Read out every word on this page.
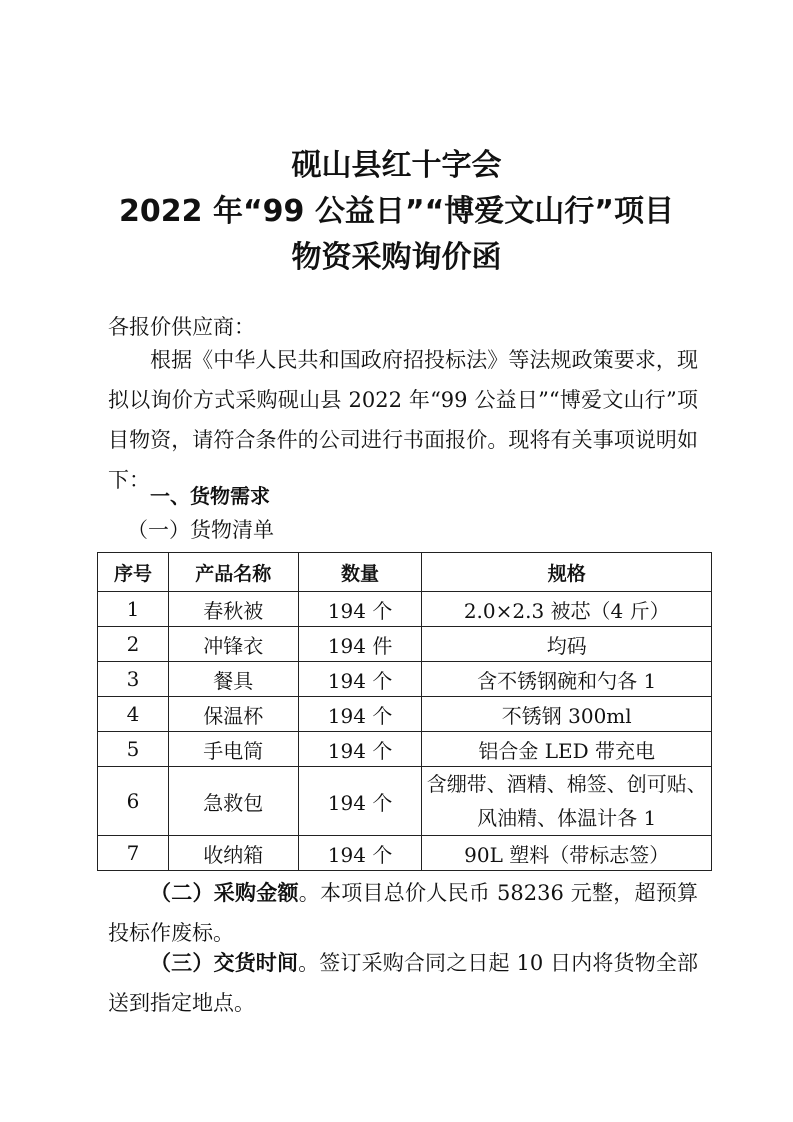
砚山县红十字会
2022 年“99 公益日”“博爱文山行”项目
物资采购询价函
各报价供应商：
根据《中华人民共和国政府招投标法》等法规政策要求，现拟以询价方式采购砚山县 2022 年“99 公益日”“博爱文山行”项目物资，请符合条件的公司进行书面报价。现将有关事项说明如下：
一、货物需求
（一）货物清单
序号	产品名称	数量	规格
1	春秋被	194 个	2.0×2.3 被芯（4 斤）
2	冲锋衣	194 件	均码
3	餐具	194 个	含不锈钢碗和勺各 1
4	保温杯	194 个	不锈钢 300ml
5	手电筒	194 个	铝合金 LED 带充电
6	急救包	194 个	含绷带、酒精、棉签、创可贴、风油精、体温计各 1
7	收纳箱	194 个	90L 塑料（带标志签）
（二）采购金额。本项目总价人民币 58236 元整，超预算投标作废标。
（三）交货时间。签订采购合同之日起 10 日内将货物全部送到指定地点。
